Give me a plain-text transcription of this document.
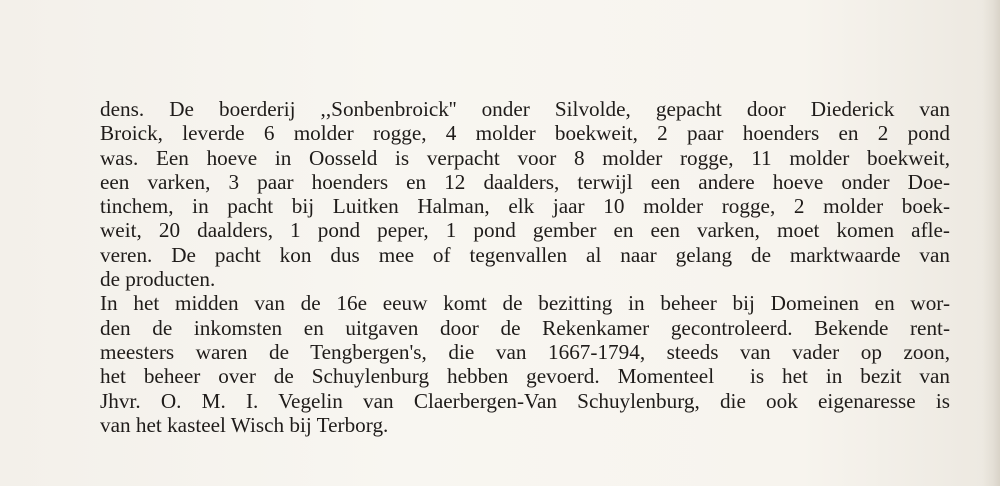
dens. De boerderij ,,Sonbenbroick'' onder Silvolde, gepacht door Diederick van
Broick, leverde 6 molder rogge, 4 molder boekweit, 2 paar hoenders en 2 pond
was. Een hoeve in Oosseld is verpacht voor 8 molder rogge, 11 molder boekweit,
een varken, 3 paar hoenders en 12 daalders, terwijl een andere hoeve onder Doe-
tinchem, in pacht bij Luitken Halman, elk jaar 10 molder rogge, 2 molder boek-
weit, 20 daalders, 1 pond peper, 1 pond gember en een varken, moet komen afle-
veren. De pacht kon dus mee of tegenvallen al naar gelang de marktwaarde van
de producten.
In het midden van de 16e eeuw komt de bezitting in beheer bij Domeinen en wor-
den de inkomsten en uitgaven door de Rekenkamer gecontroleerd. Bekende rent-
meesters waren de Tengbergen's, die van 1667-1794, steeds van vader op zoon,
het beheer over de Schuylenburg hebben gevoerd. Momenteel  is het in bezit van
Jhvr. O. M. I. Vegelin van Claerbergen-Van Schuylenburg, die ook eigenaresse is
van het kasteel Wisch bij Terborg.
